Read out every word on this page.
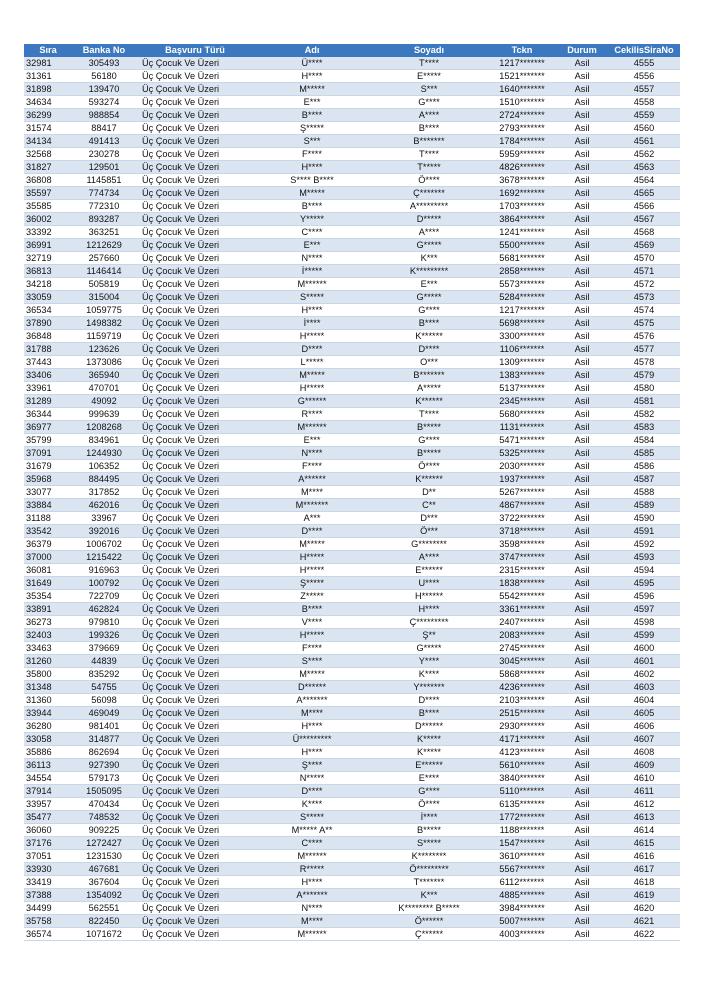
Sıra	Banka No	Başvuru Türü	Adı	Soyadı	Tckn	Durum	CekilisSiraNo
32981	305493	Üç Çocuk Ve Üzeri	Ü****	T****	1217*******	Asil	4555
31361	56180	Üç Çocuk Ve Üzeri	H****	E*****	1521*******	Asil	4556
31898	139470	Üç Çocuk Ve Üzeri	M*****	S***	1640*******	Asil	4557
34634	593274	Üç Çocuk Ve Üzeri	E***	G****	1510*******	Asil	4558
36299	988854	Üç Çocuk Ve Üzeri	B****	A****	2724*******	Asil	4559
31574	88417	Üç Çocuk Ve Üzeri	Ş*****	B****	2793*******	Asil	4560
34134	491413	Üç Çocuk Ve Üzeri	S***	B*******	1784*******	Asil	4561
32568	230278	Üç Çocuk Ve Üzeri	F****	T****	5959*******	Asil	4562
31827	129501	Üç Çocuk Ve Üzeri	H****	T*****	4826*******	Asil	4563
36808	1145851	Üç Çocuk Ve Üzeri	S**** B****	Ö****	3678*******	Asil	4564
35597	774734	Üç Çocuk Ve Üzeri	M*****	Ç*******	1692*******	Asil	4565
35585	772310	Üç Çocuk Ve Üzeri	B****	A*********	1703*******	Asil	4566
36002	893287	Üç Çocuk Ve Üzeri	Y*****	D*****	3864*******	Asil	4567
33392	363251	Üç Çocuk Ve Üzeri	C****	A****	1241*******	Asil	4568
36991	1212629	Üç Çocuk Ve Üzeri	E***	G*****	5500*******	Asil	4569
32719	257660	Üç Çocuk Ve Üzeri	N****	K***	5681*******	Asil	4570
36813	1146414	Üç Çocuk Ve Üzeri	İ*****	K*********	2858*******	Asil	4571
34218	505819	Üç Çocuk Ve Üzeri	M******	E***	5573*******	Asil	4572
33059	315004	Üç Çocuk Ve Üzeri	S*****	G*****	5284*******	Asil	4573
36534	1059775	Üç Çocuk Ve Üzeri	H****	G****	1217*******	Asil	4574
37890	1498382	Üç Çocuk Ve Üzeri	İ****	B****	5698*******	Asil	4575
36848	1159719	Üç Çocuk Ve Üzeri	H*****	K******	3300*******	Asil	4576
31788	123626	Üç Çocuk Ve Üzeri	D****	D****	1106*******	Asil	4577
37443	1373086	Üç Çocuk Ve Üzeri	L*****	O***	1309*******	Asil	4578
33406	365940	Üç Çocuk Ve Üzeri	M*****	B*******	1383*******	Asil	4579
33961	470701	Üç Çocuk Ve Üzeri	H*****	A*****	5137*******	Asil	4580
31289	49092	Üç Çocuk Ve Üzeri	G******	K******	2345*******	Asil	4581
36344	999639	Üç Çocuk Ve Üzeri	R****	T****	5680*******	Asil	4582
36977	1208268	Üç Çocuk Ve Üzeri	M******	B*****	1131*******	Asil	4583
35799	834961	Üç Çocuk Ve Üzeri	E***	G****	5471*******	Asil	4584
37091	1244930	Üç Çocuk Ve Üzeri	N****	B*****	5325*******	Asil	4585
31679	106352	Üç Çocuk Ve Üzeri	F****	Ö****	2030*******	Asil	4586
35968	884495	Üç Çocuk Ve Üzeri	A******	K******	1937*******	Asil	4587
33077	317852	Üç Çocuk Ve Üzeri	M****	D**	5267*******	Asil	4588
33884	462016	Üç Çocuk Ve Üzeri	M*******	C**	4867*******	Asil	4589
31188	33967	Üç Çocuk Ve Üzeri	A***	D***	3722*******	Asil	4590
33542	392016	Üç Çocuk Ve Üzeri	D****	Ö***	3718*******	Asil	4591
36379	1006702	Üç Çocuk Ve Üzeri	M*****	G********	3598*******	Asil	4592
37000	1215422	Üç Çocuk Ve Üzeri	H*****	A****	3747*******	Asil	4593
36081	916963	Üç Çocuk Ve Üzeri	H*****	E******	2315*******	Asil	4594
31649	100792	Üç Çocuk Ve Üzeri	Ş*****	U****	1838*******	Asil	4595
35354	722709	Üç Çocuk Ve Üzeri	Z*****	H******	5542*******	Asil	4596
33891	462824	Üç Çocuk Ve Üzeri	B****	H****	3361*******	Asil	4597
36273	979810	Üç Çocuk Ve Üzeri	V****	Ç*********	2407*******	Asil	4598
32403	199326	Üç Çocuk Ve Üzeri	H*****	Ş**	2083*******	Asil	4599
33463	379669	Üç Çocuk Ve Üzeri	F****	G*****	2745*******	Asil	4600
31260	44839	Üç Çocuk Ve Üzeri	S****	Y****	3045*******	Asil	4601
35800	835292	Üç Çocuk Ve Üzeri	M*****	K****	5868*******	Asil	4602
31348	54755	Üç Çocuk Ve Üzeri	D******	Y*******	4236*******	Asil	4603
31360	56098	Üç Çocuk Ve Üzeri	A*******	D****	2103*******	Asil	4604
33944	469049	Üç Çocuk Ve Üzeri	M****	B****	2515*******	Asil	4605
36280	981401	Üç Çocuk Ve Üzeri	H****	D******	2930*******	Asil	4606
33058	314877	Üç Çocuk Ve Üzeri	Ü*********	K*****	4171*******	Asil	4607
35886	862694	Üç Çocuk Ve Üzeri	H****	K*****	4123*******	Asil	4608
36113	927390	Üç Çocuk Ve Üzeri	Ş****	E******	5610*******	Asil	4609
34554	579173	Üç Çocuk Ve Üzeri	N*****	E****	3840*******	Asil	4610
37914	1505095	Üç Çocuk Ve Üzeri	D****	G****	5110*******	Asil	4611
33957	470434	Üç Çocuk Ve Üzeri	K****	Ö****	6135*******	Asil	4612
35477	748532	Üç Çocuk Ve Üzeri	S*****	İ****	1772*******	Asil	4613
36060	909225	Üç Çocuk Ve Üzeri	M***** A**	B*****	1188*******	Asil	4614
37176	1272427	Üç Çocuk Ve Üzeri	C****	S*****	1547*******	Asil	4615
37051	1231530	Üç Çocuk Ve Üzeri	M******	K********	3610*******	Asil	4616
33930	467681	Üç Çocuk Ve Üzeri	R*****	Ö*********	5567*******	Asil	4617
33419	367604	Üç Çocuk Ve Üzeri	H****	T*******	6112*******	Asil	4618
37388	1354092	Üç Çocuk Ve Üzeri	A*******	K***	4885*******	Asil	4619
34499	562551	Üç Çocuk Ve Üzeri	N****	K******** B*****	3984*******	Asil	4620
35758	822450	Üç Çocuk Ve Üzeri	M****	Ö******	5007*******	Asil	4621
36574	1071672	Üç Çocuk Ve Üzeri	M******	Ç******	4003*******	Asil	4622
